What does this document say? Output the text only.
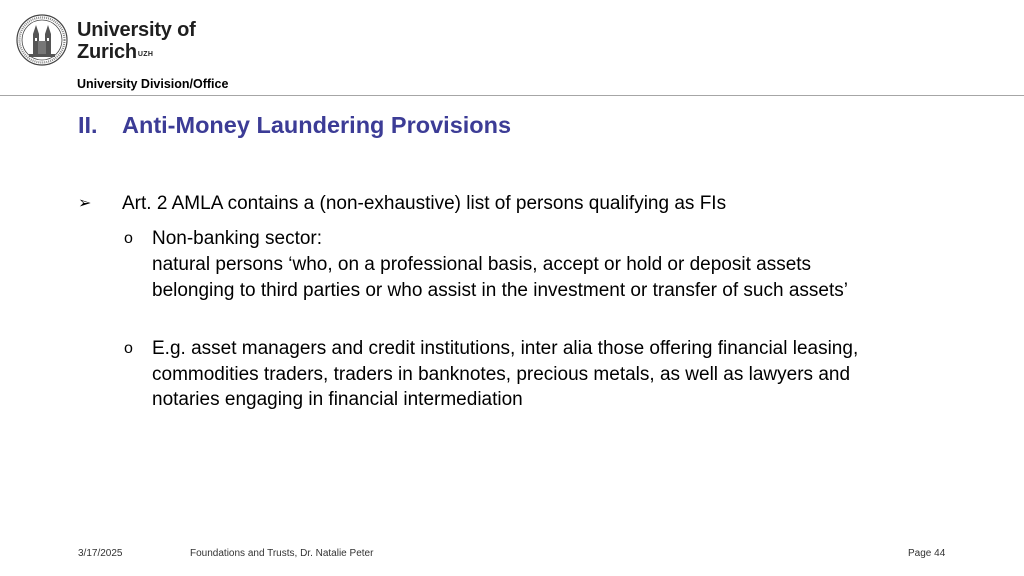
University of
Zurich$^{UZH}$
University Division/Office
II. Anti-Money Laundering Provisions
➢ Art. 2 AMLA contains a (non-exhaustive) list of persons qualifying as FIs
o Non-banking sector:
natural persons ‘who, on a professional basis, accept or hold or deposit assets
belonging to third parties or who assist in the investment or transfer of such assets’
o E.g. asset managers and credit institutions, inter alia those offering financial leasing,
commodities traders, traders in banknotes, precious metals, as well as lawyers and
notaries engaging in financial intermediation
3/17/2025	Foundations and Trusts, Dr. Natalie Peter	Page 44
